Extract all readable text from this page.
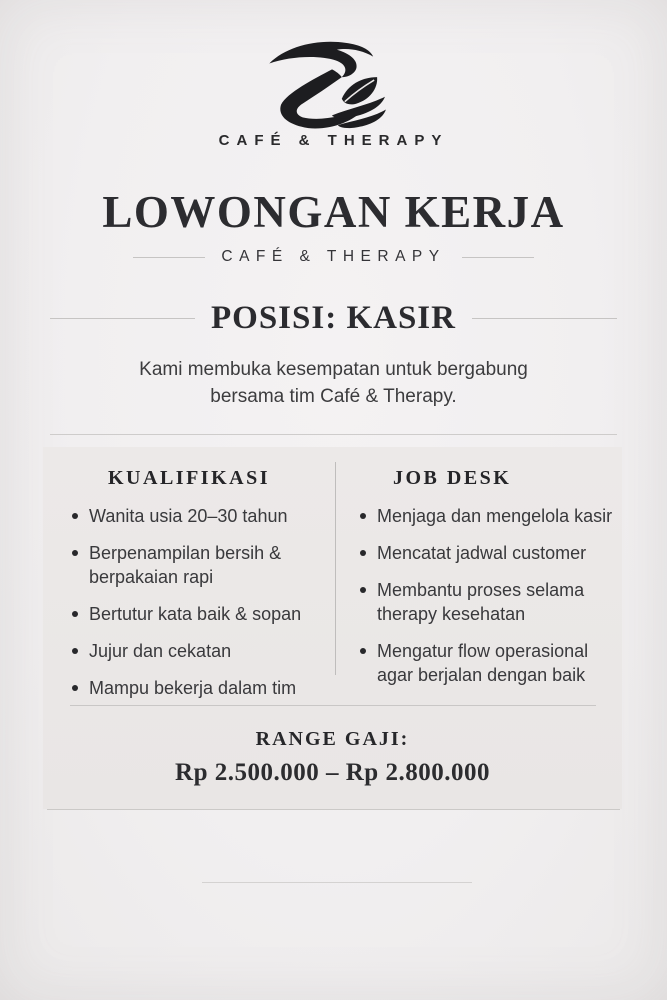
CAFÉ & THERAPY
LOWONGAN KERJA
CAFÉ & THERAPY
POSISI: KASIR

Kami membuka kesempatan untuk bergabung bersama tim Café & Therapy.

KUALIFIKASI
Wanita usia 20–30 tahun
Berpenampilan bersih & berpakaian rapi
Bertutur kata baik & sopan
Jujur dan cekatan
Mampu bekerja dalam tim
JOB DESK
Menjaga dan mengelola kasir
Mencatat jadwal customer
Membantu proses selama therapy kesehatan
Mengatur flow operasional agar berjalan dengan baik
RANGE GAJI:
Rp 2.500.000 – Rp 2.800.000
